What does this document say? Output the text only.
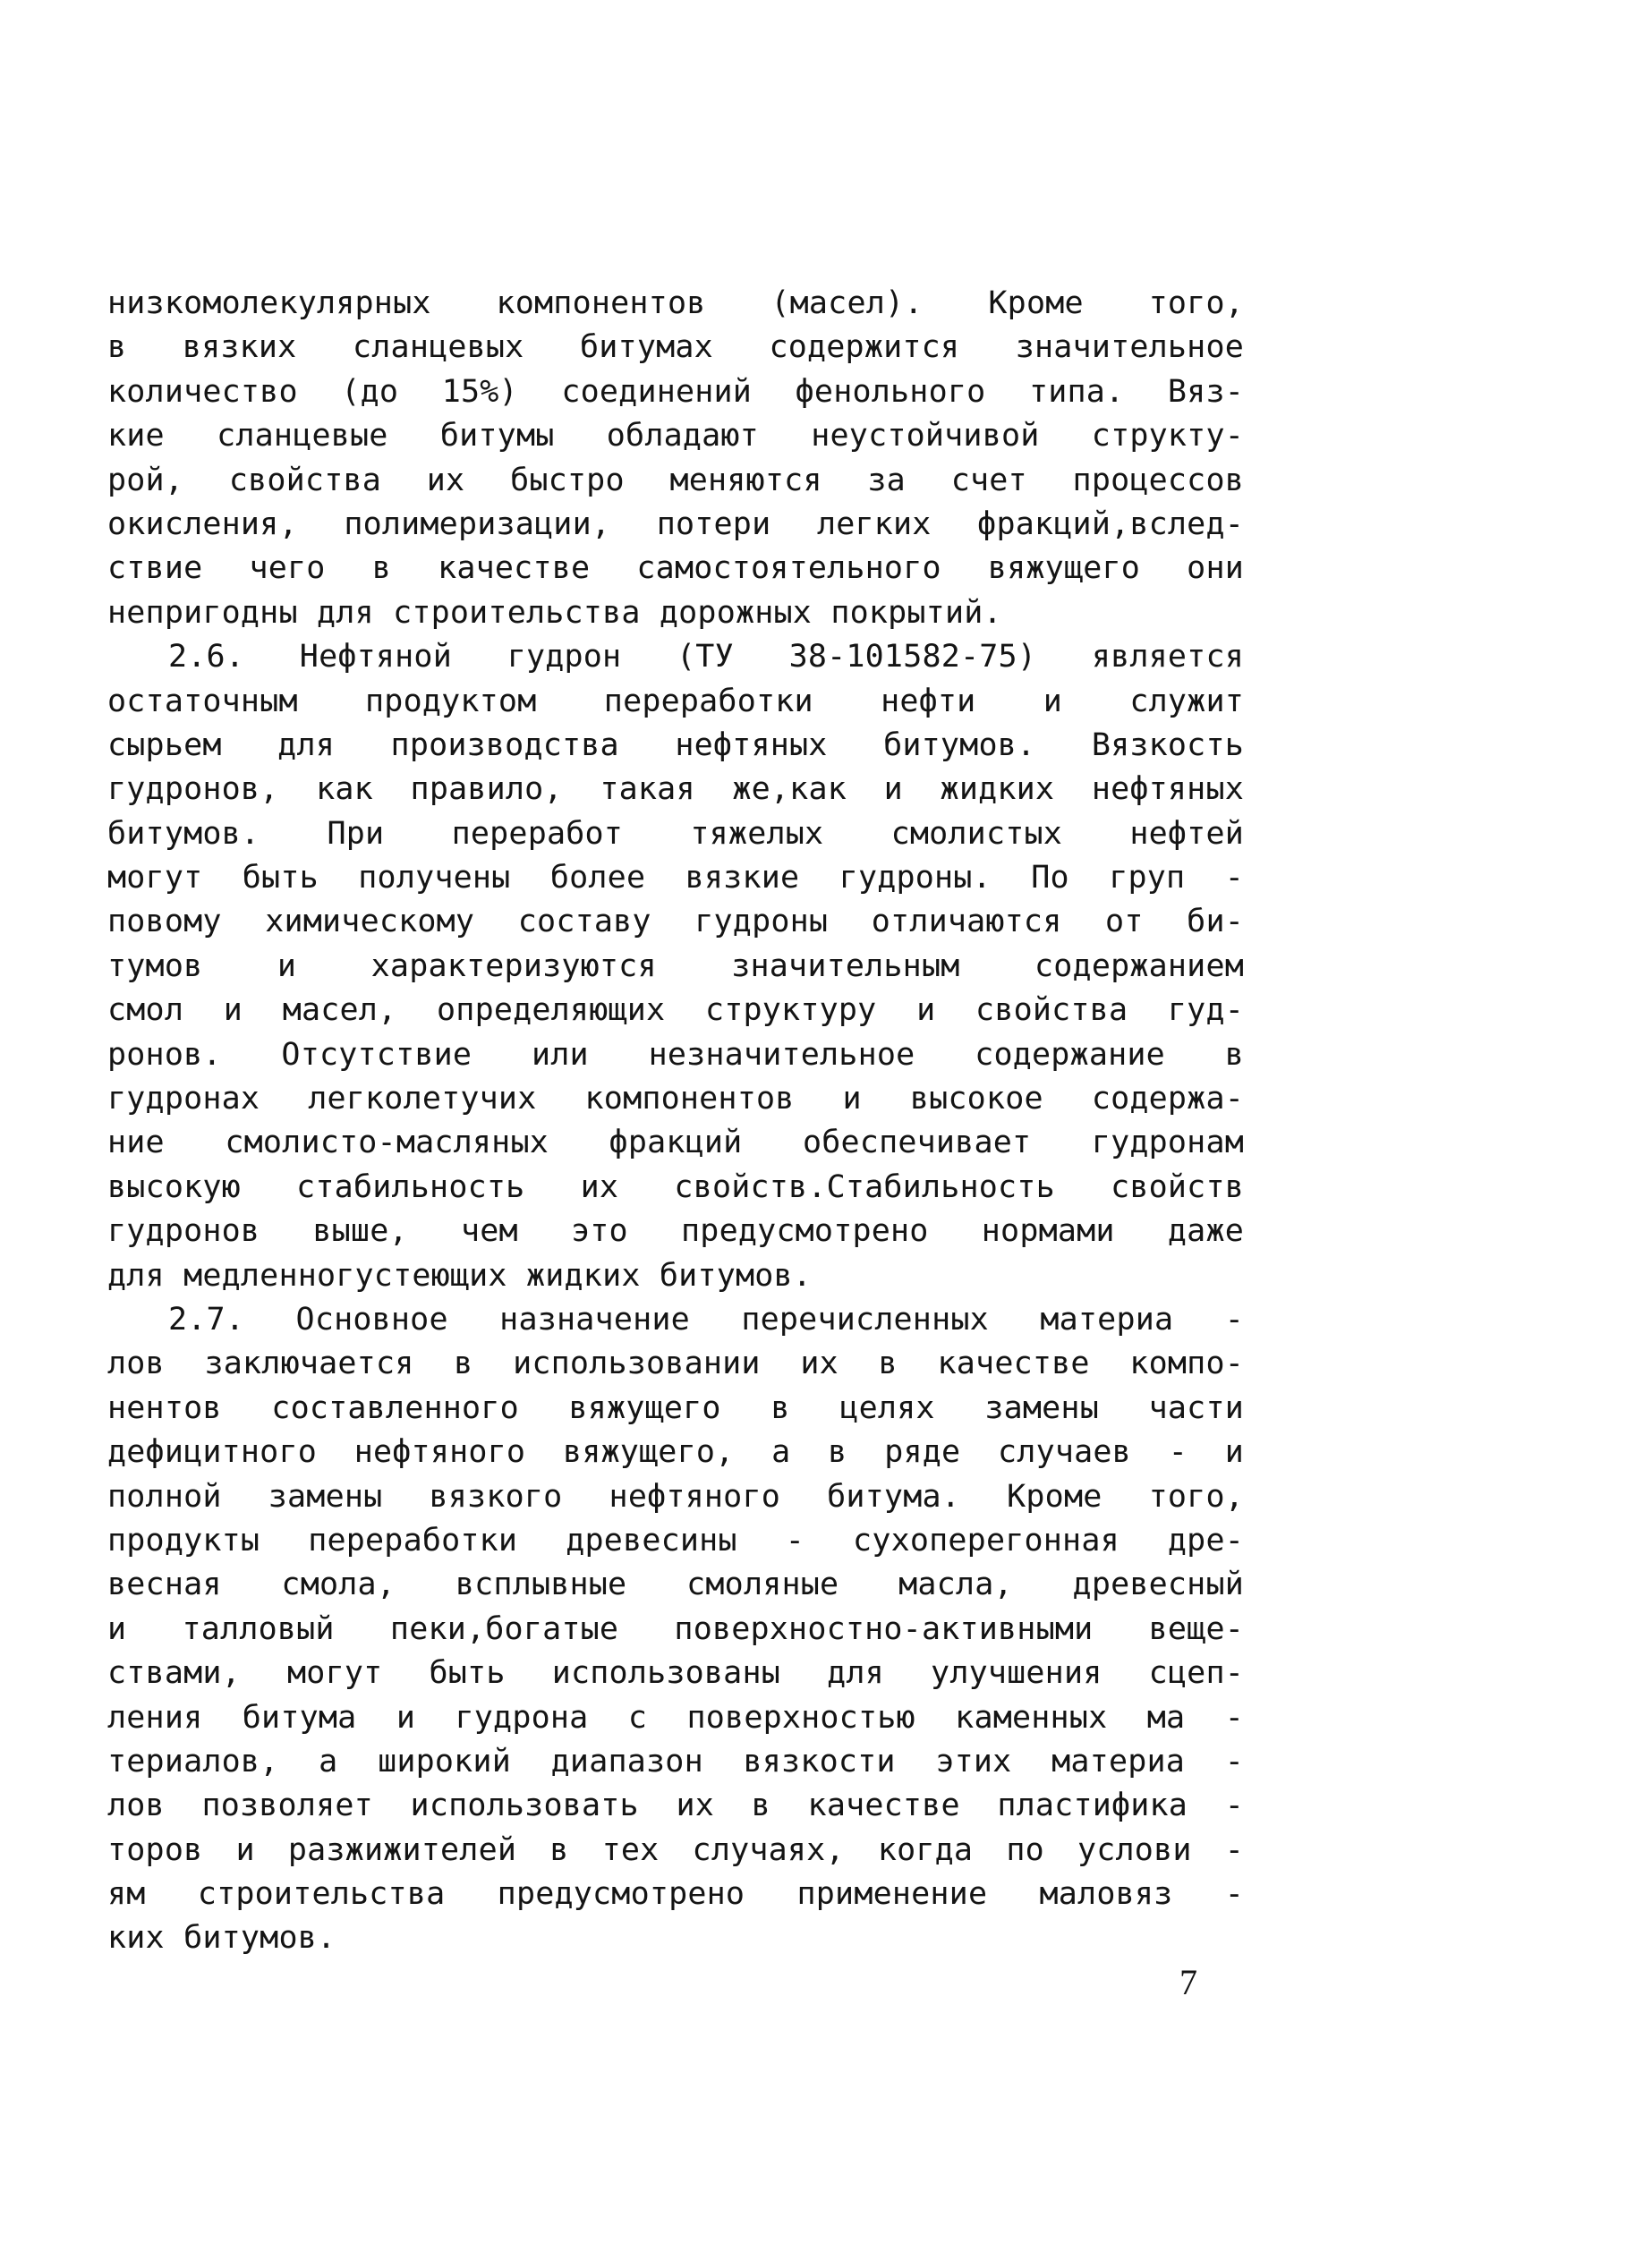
низкомолекулярных компонентов (масел). Кроме того,
в вязких сланцевых битумах содержится значительное
количество (до 15%) соединений фенольного типа. Вяз-
кие сланцевые битумы обладают неустойчивой структу-
рой, свойства их быстро меняются за счет процессов
окисления, полимеризации, потери легких фракций,вслед-
ствие чего в качестве самостоятельного вяжущего они
непригодны для строительства дорожных покрытий.
2.6. Нефтяной гудрон (ТУ 38-101582-75) является
остаточным продуктом переработки нефти и служит
сырьем для производства нефтяных битумов. Вязкость
гудронов, как правило, такая же,как и жидких нефтяных
битумов. При переработ тяжелых смолистых нефтей
могут быть получены более вязкие гудроны. По груп -
повому химическому составу гудроны отличаются от би-
тумов и характеризуются значительным содержанием
смол и масел, определяющих структуру и свойства гуд-
ронов. Отсутствие или незначительное содержание в
гудронах легколетучих компонентов и высокое содержа-
ние смолисто-масляных фракций обеспечивает гудронам
высокую стабильность их свойств.Стабильность свойств
гудронов выше, чем это предусмотрено нормами даже
для медленногустеющих жидких битумов.
2.7. Основное назначение перечисленных материа -
лов заключается в использовании их в качестве компо-
нентов составленного вяжущего в целях замены части
дефицитного нефтяного вяжущего, а в ряде случаев - и
полной замены вязкого нефтяного битума. Кроме того,
продукты переработки древесины - сухоперегонная дре-
весная смола, всплывные смоляные масла, древесный
и талловый пеки,богатые поверхностно-активными веще-
ствами, могут быть использованы для улучшения сцеп-
ления битума и гудрона с поверхностью каменных ма -
териалов, а широкий диапазон вязкости этих материа -
лов позволяет использовать их в качестве пластифика -
торов и разжижителей в тех случаях, когда по услови -
ям строительства предусмотрено применение маловяз -
ких битумов.
7
